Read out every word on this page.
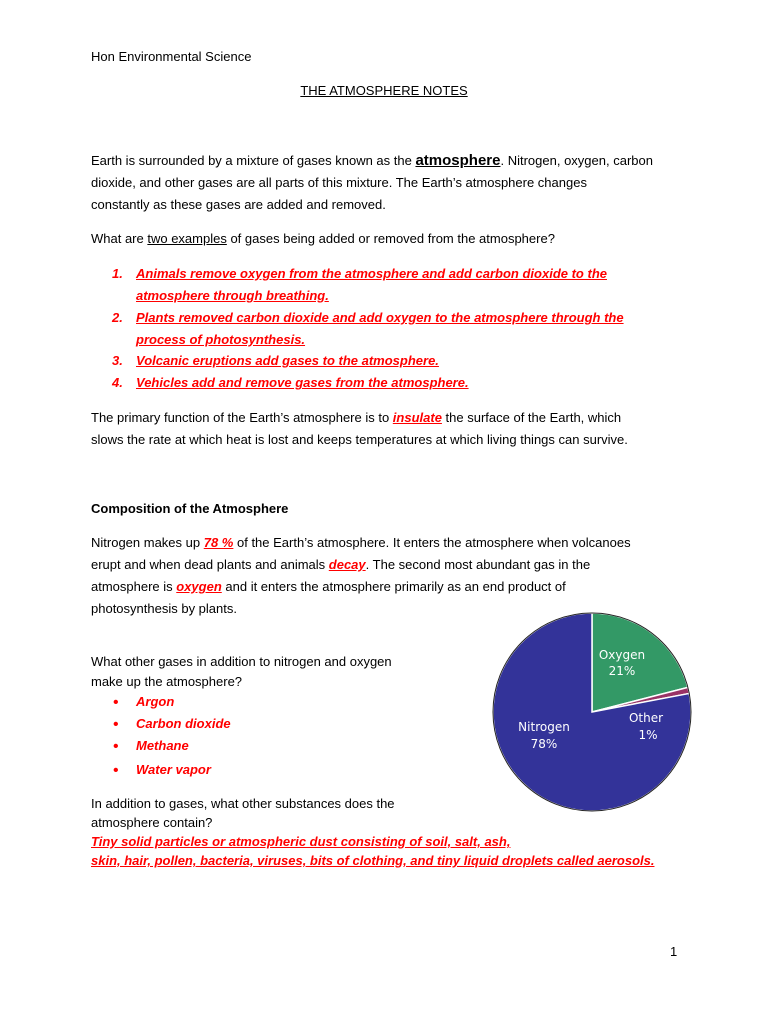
Hon Environmental Science
THE ATMOSPHERE NOTES
Earth is surrounded by a mixture of gases known as the atmosphere. Nitrogen, oxygen, carbon
dioxide, and other gases are all parts of this mixture. The Earth’s atmosphere changes
constantly as these gases are added and removed.
What are two examples of gases being added or removed from the atmosphere?
1. Animals remove oxygen from the atmosphere and add carbon dioxide to the
atmosphere through breathing.
2. Plants removed carbon dioxide and add oxygen to the atmosphere through the
process of photosynthesis.
3. Volcanic eruptions add gases to the atmosphere.
4. Vehicles add and remove gases from the atmosphere.
The primary function of the Earth’s atmosphere is to insulate the surface of the Earth, which
slows the rate at which heat is lost and keeps temperatures at which living things can survive.
Composition of the Atmosphere
Nitrogen makes up 78 % of the Earth’s atmosphere. It enters the atmosphere when volcanoes
erupt and when dead plants and animals decay. The second most abundant gas in the
atmosphere is oxygen and it enters the atmosphere primarily as an end product of
photosynthesis by plants.
What other gases in addition to nitrogen and oxygen
make up the atmosphere?
• Argon
• Carbon dioxide
• Methane
• Water vapor
In addition to gases, what other substances does the
atmosphere contain?
Tiny solid particles or atmospheric dust consisting of soil, salt, ash,
skin, hair, pollen, bacteria, viruses, bits of clothing, and tiny liquid droplets called aerosols.
Oxygen
21%
Other
1%
Nitrogen
78%
1
